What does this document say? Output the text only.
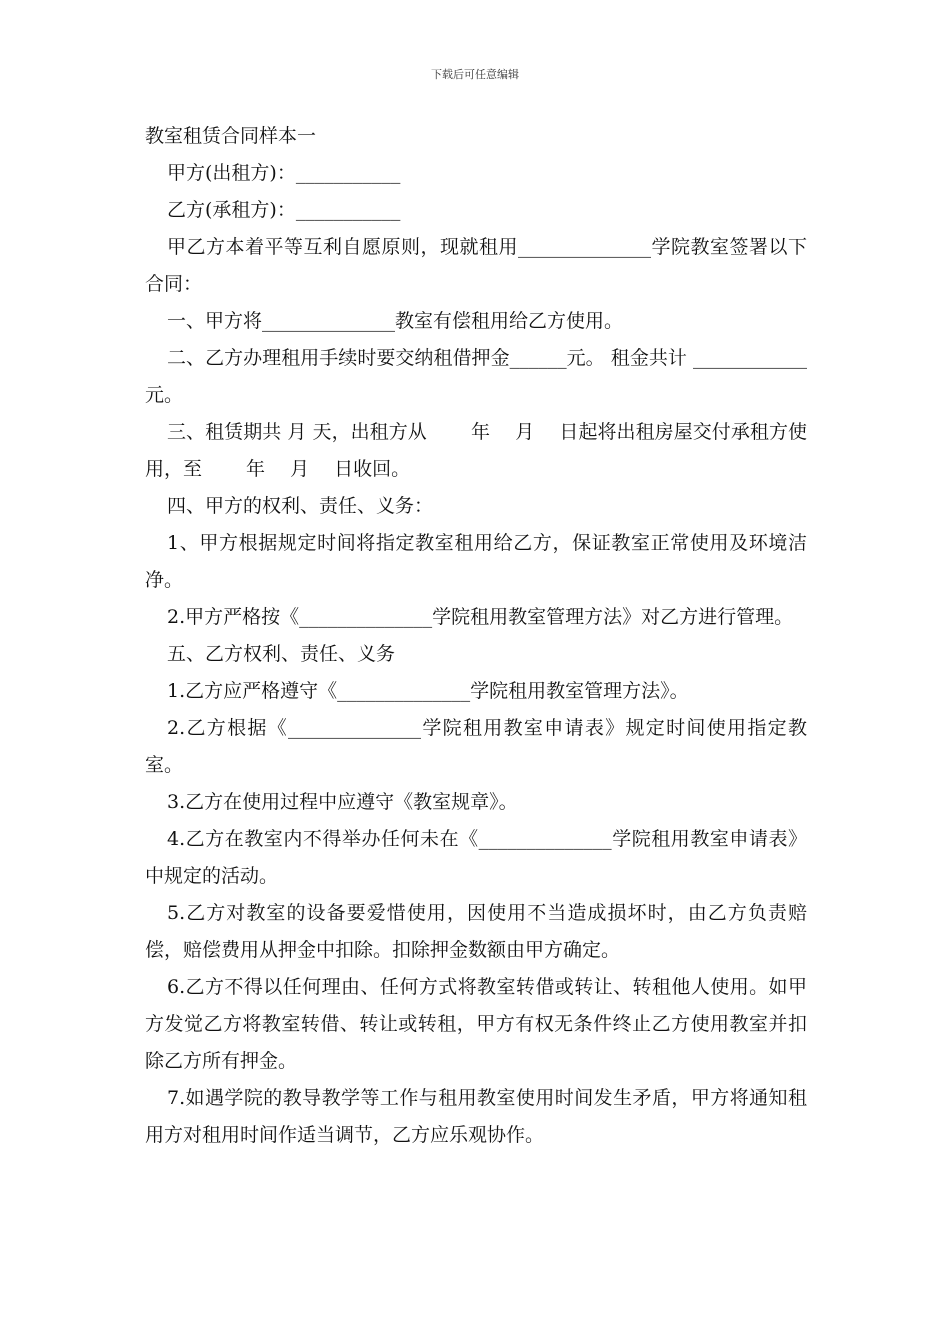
下载后可任意编辑

教室租赁合同样本一

甲方(出租方)：___________

乙方(承租方)：___________

甲乙方本着平等互利自愿原则，现就租用______________学院教室签署以下合同：

一、甲方将______________教室有偿租用给乙方使用。

二、乙方办理租用手续时要交纳租借押金______元。 租金共计 ____________元。

三、租赁期共 月 天，出租方从　　 年　 月　 日起将出租房屋交付承租方使用，至　　 年　 月　 日收回。

四、甲方的权利、责任、义务：

1、甲方根据规定时间将指定教室租用给乙方，保证教室正常使用及环境洁净。

2.甲方严格按《______________学院租用教室管理方法》对乙方进行管理。

五、乙方权利、责任、义务

1.乙方应严格遵守《______________学院租用教室管理方法》。

2.乙方根据《______________学院租用教室申请表》规定时间使用指定教室。

3.乙方在使用过程中应遵守《教室规章》。

4.乙方在教室内不得举办任何未在《______________学院租用教室申请表》中规定的活动。

5.乙方对教室的设备要爱惜使用，因使用不当造成损坏时，由乙方负责赔偿，赔偿费用从押金中扣除。扣除押金数额由甲方确定。

6.乙方不得以任何理由、任何方式将教室转借或转让、转租他人使用。如甲方发觉乙方将教室转借、转让或转租，甲方有权无条件终止乙方使用教室并扣除乙方所有押金。

7.如遇学院的教导教学等工作与租用教室使用时间发生矛盾，甲方将通知租用方对租用时间作适当调节，乙方应乐观协作。
